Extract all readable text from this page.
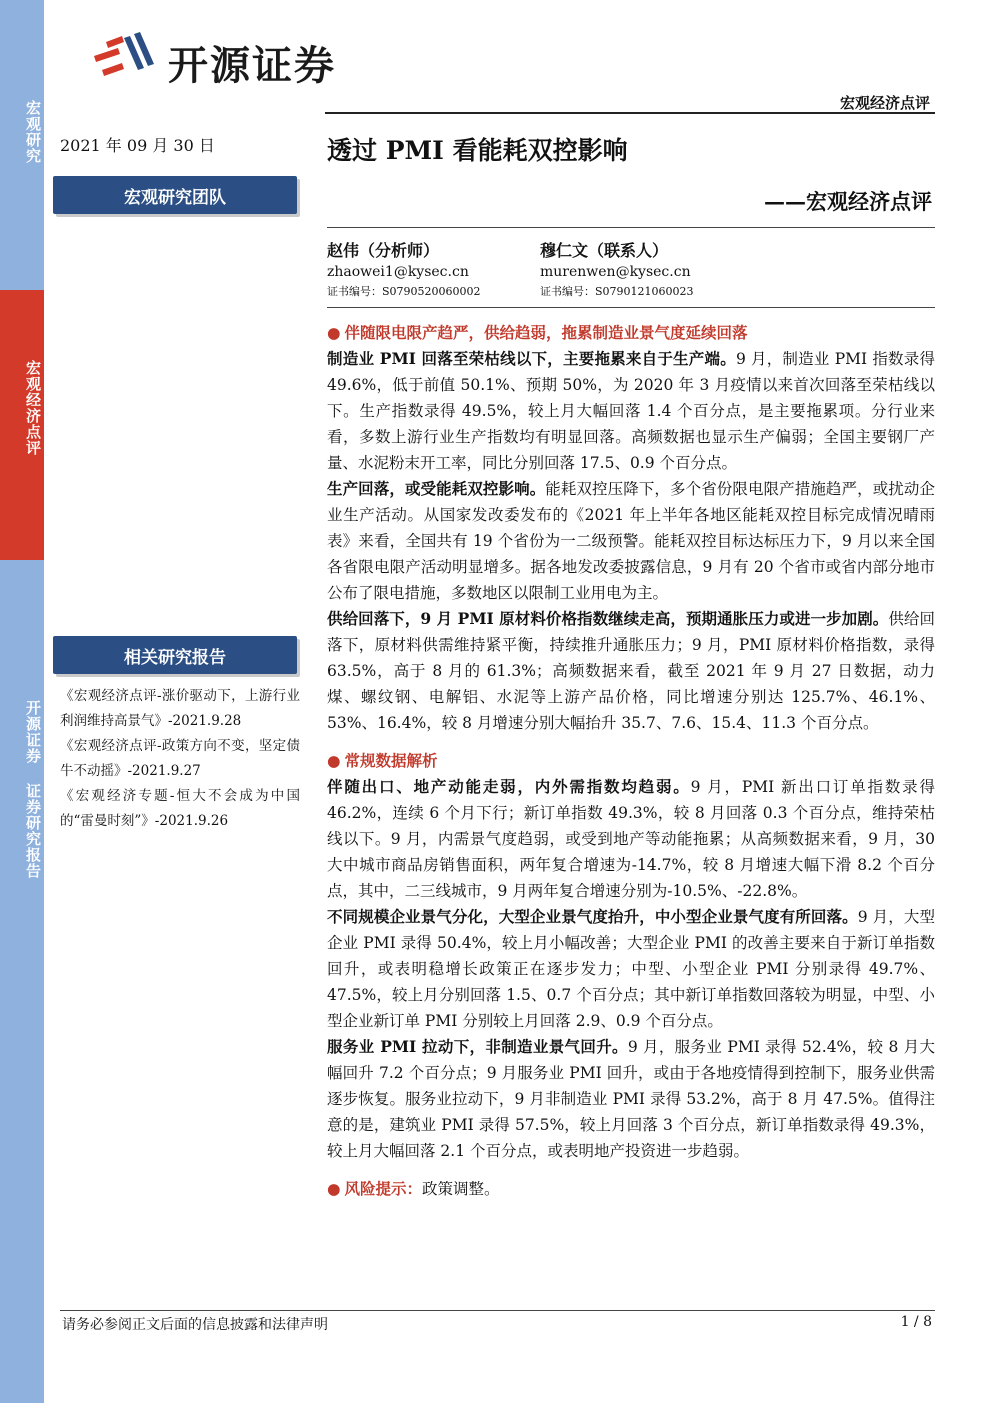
宏观研究
宏观经济点评
开源证券 证券研究报告
开源证券
宏观经济点评
2021 年 09 月 30 日	透过 PMI 看能耗双控影响
——宏观经济点评
宏观研究团队
赵伟（分析师）
zhaowei1@kysec.cn
证书编号：S0790520060002
穆仁文（联系人）
murenwen@kysec.cn
证书编号：S0790121060023
相关研究报告

《宏观经济点评-涨价驱动下，上游行业利润维持高景气》-2021.9.28

《宏观经济点评-政策方向不变，坚定债牛不动摇》-2021.9.27

《宏观经济专题-恒大不会成为中国的“雷曼时刻”》-2021.9.26

● 伴随限电限产趋严，供给趋弱，拖累制造业景气度延续回落

制造业 PMI 回落至荣枯线以下，主要拖累来自于生产端。9 月，制造业 PMI 指数录得 49.6%，低于前值 50.1%、预期 50%，为 2020 年 3 月疫情以来首次回落至荣枯线以下。生产指数录得 49.5%，较上月大幅回落 1.4 个百分点，是主要拖累项。分行业来看，多数上游行业生产指数均有明显回落。高频数据也显示生产偏弱；全国主要钢厂产量、水泥粉末开工率，同比分别回落 17.5、0.9 个百分点。

生产回落，或受能耗双控影响。能耗双控压降下，多个省份限电限产措施趋严，或扰动企业生产活动。从国家发改委发布的《2021 年上半年各地区能耗双控目标完成情况晴雨表》来看，全国共有 19 个省份为一二级预警。能耗双控目标达标压力下，9 月以来全国各省限电限产活动明显增多。据各地发改委披露信息，9 月有 20 个省市或省内部分地市公布了限电措施，多数地区以限制工业用电为主。

供给回落下，9 月 PMI 原材料价格指数继续走高，预期通胀压力或进一步加剧。供给回落下，原材料供需维持紧平衡，持续推升通胀压力；9 月，PMI 原材料价格指数，录得 63.5%，高于 8 月的 61.3%；高频数据来看，截至 2021 年 9 月 27 日数据，动力煤、螺纹钢、电解铝、水泥等上游产品价格，同比增速分别达 125.7%、46.1%、53%、16.4%，较 8 月增速分别大幅抬升 35.7、7.6、15.4、11.3 个百分点。

● 常规数据解析

伴随出口、地产动能走弱，内外需指数均趋弱。9 月，PMI 新出口订单指数录得 46.2%，连续 6 个月下行；新订单指数 49.3%，较 8 月回落 0.3 个百分点，维持荣枯线以下。9 月，内需景气度趋弱，或受到地产等动能拖累；从高频数据来看，9 月，30 大中城市商品房销售面积，两年复合增速为-14.7%，较 8 月增速大幅下滑 8.2 个百分点，其中，二三线城市，9 月两年复合增速分别为-10.5%、-22.8%。

不同规模企业景气分化，大型企业景气度抬升，中小型企业景气度有所回落。9 月，大型企业 PMI 录得 50.4%，较上月小幅改善；大型企业 PMI 的改善主要来自于新订单指数回升，或表明稳增长政策正在逐步发力；中型、小型企业 PMI 分别录得 49.7%、47.5%，较上月分别回落 1.5、0.7 个百分点；其中新订单指数回落较为明显，中型、小型企业新订单 PMI 分别较上月回落 2.9、0.9 个百分点。

服务业 PMI 拉动下，非制造业景气回升。9 月，服务业 PMI 录得 52.4%，较 8 月大幅回升 7.2 个百分点；9 月服务业 PMI 回升，或由于各地疫情得到控制下，服务业供需逐步恢复。服务业拉动下，9 月非制造业 PMI 录得 53.2%，高于 8 月 47.5%。值得注意的是，建筑业 PMI 录得 57.5%，较上月回落 3 个百分点，新订单指数录得 49.3%，较上月大幅回落 2.1 个百分点，或表明地产投资进一步趋弱。

● 风险提示：政策调整。

请务必参阅正文后面的信息披露和法律声明	1 / 8
